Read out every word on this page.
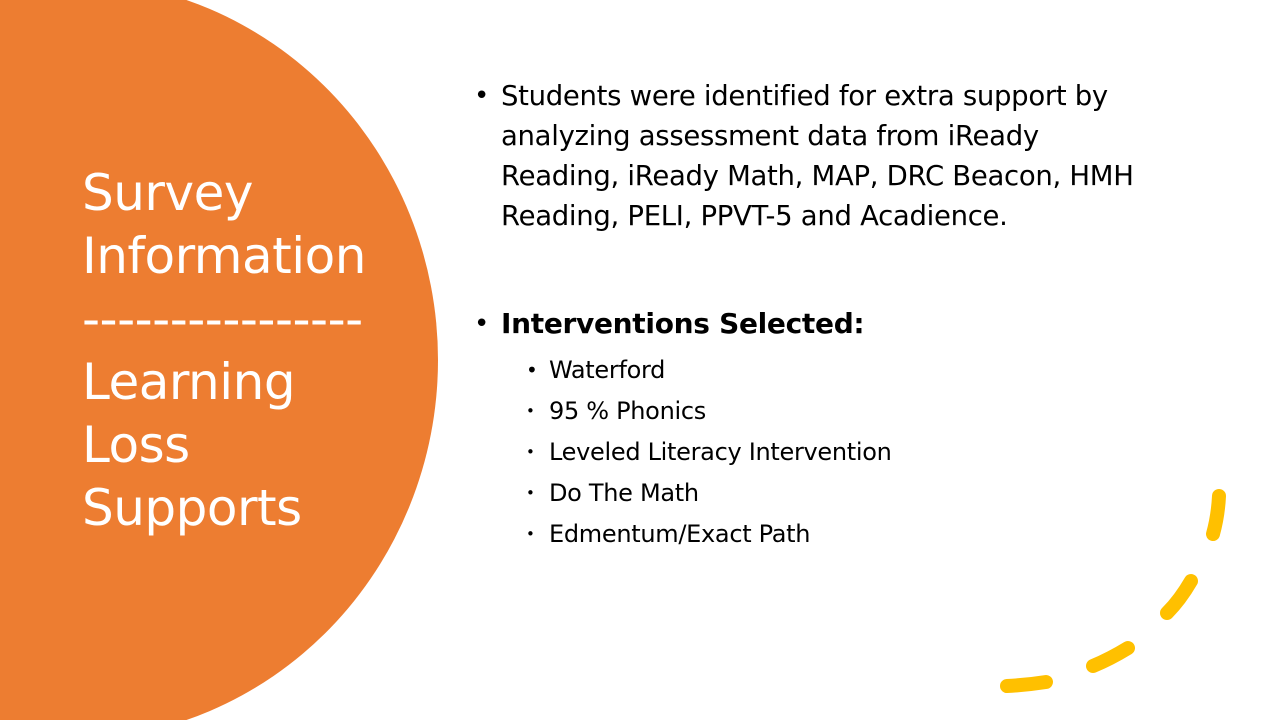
Survey
Information
----------------
Learning
Loss
Supports
• Students were identified for extra support by analyzing assessment data from iReady Reading, iReady Math, MAP, DRC Beacon, HMH Reading, PELI, PPVT-5 and Acadience.
• Interventions Selected:
• Waterford
• 95 % Phonics
• Leveled Literacy Intervention
• Do The Math
• Edmentum/Exact Path
